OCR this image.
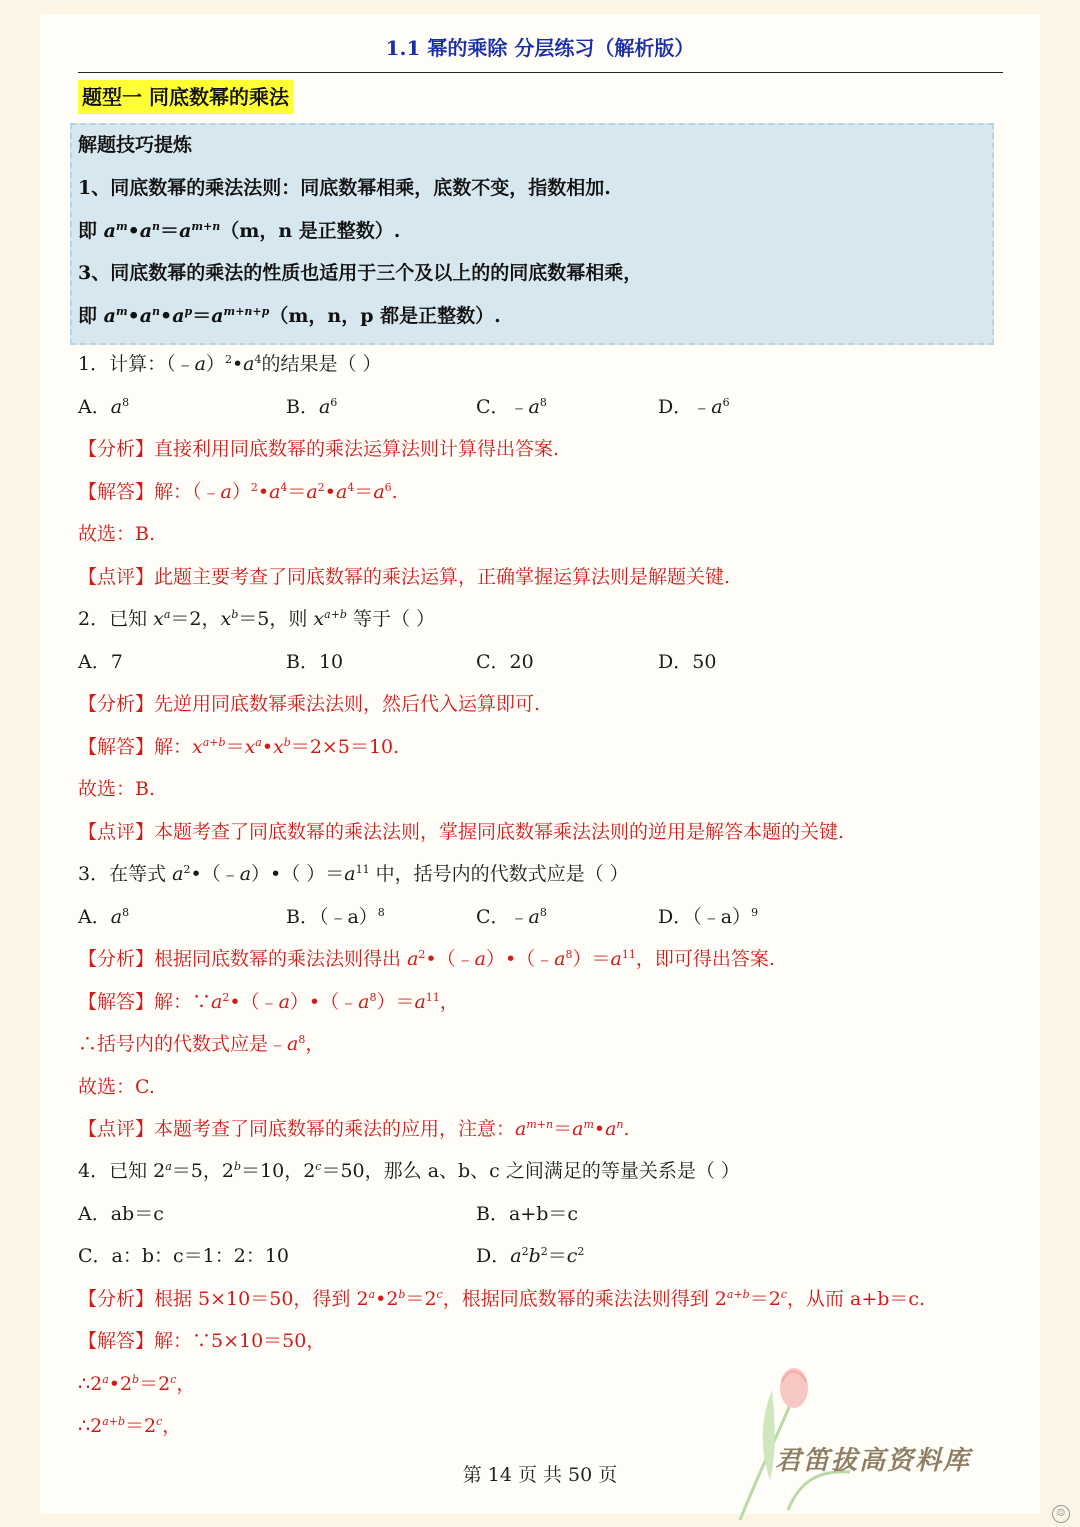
1.1 幂的乘除 分层练习（解析版）
题型一 同底数幂的乘法
解题技巧提炼
1、同底数幂的乘法法则：同底数幂相乘，底数不变，指数相加.
即 $a^m•a^n=a^{m+n}(m$，n 是正整数）.
3、同底数幂的乘法的性质也适用于三个及以上的的同底数幂相乘，
即 $a^m•a^n•a^p=a^{m+n+p}(m$，n，p 都是正整数）.
1．计算：$(﹣a)^2•a^4$的结果是（ ）
A．$a^8$	B．$a^6$	C．$﹣a^8$	D．$﹣a^6$
【分析】直接利用同底数幂的乘法运算法则计算得出答案.
【解答】解：$(﹣a)^2•a^4=a^2•a^4=a^6$.
故选：B.
【点评】此题主要考查了同底数幂的乘法运算，正确掌握运算法则是解题关键.
2．已知 $x^a=2$，$x^b=5$，则 $x^{a+b}$ 等于（ ）
A．7	B．10	C．20	D．50
【分析】先逆用同底数幂乘法法则，然后代入运算即可.
【解答】解：$x^{a+b}=x^a•x^b=2\times 5=10$.
故选：B.
【点评】本题考查了同底数幂的乘法法则，掌握同底数幂乘法法则的逆用是解答本题的关键.
3．在等式 $a^2•(﹣a)•$（ ）$=a^{11}$ 中，括号内的代数式应是（ ）
A．$a^8$	B．（﹣a）$^8$	C．$﹣a^8$	D．（﹣a）$^9$
【分析】根据同底数幂的乘法法则得出 $a^2•(﹣a)•(﹣a^8)=a^{11}$，即可得出答案.
【解答】解：$\because a^2•(﹣a)•(﹣a^8)=a^{11}$，
∴括号内的代数式应是$﹣a^8$，
故选：C.
【点评】本题考查了同底数幂的乘法的应用，注意：$a^{m+n}=a^m•a^n$.
4．已知 $2^a=5$，$2^b=10$，$2^c=50$，那么 a、b、c 之间满足的等量关系是（ ）
A．ab＝c	B．a+b＝c
C．a：b：c＝1：2：10	D．$a^2b^2=c^2$
【分析】根据 5×10＝50，得到 $2^a•2^b=2^c$，根据同底数幂的乘法法则得到 $2^{a+b}=2^c$，从而 a+b＝c.
【解答】解：∵5×10＝50，
$\therefore 2^a•2^b=2^c$，
$\therefore 2^{a+b}=2^c$，
君笛拔高资料库
第 14 页 共 50 页
☺
